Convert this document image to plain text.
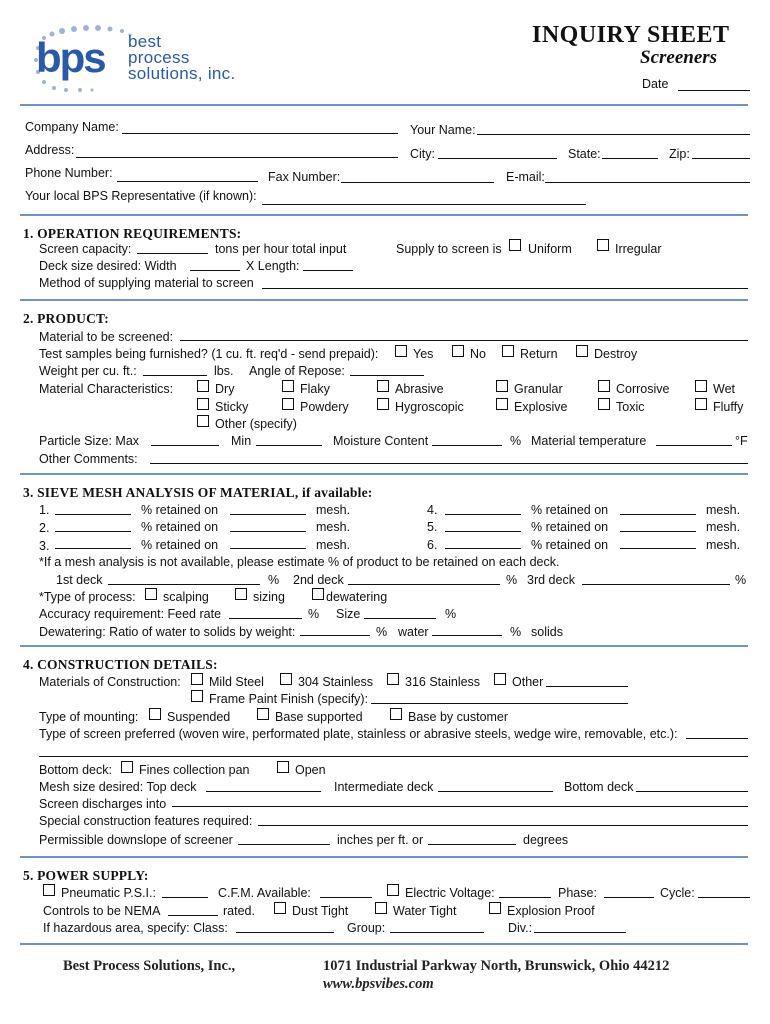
bps best
process
solutions, inc.
INQUIRY SHEET
Screeners
Date
Company Name:	Your Name:
Address:	City:	State:	Zip:
Phone Number:	Fax Number:	E-mail:
Your local BPS Representative (if known):
1. OPERATION REQUIREMENTS:
Screen capacity:	tons per hour total input	Supply to screen is Uniform	Irregular
Deck size desired: Width	X Length:
Method of supplying material to screen
2. PRODUCT:
Material to be screened:
Test samples being furnished? (1 cu. ft. req'd - send prepaid):	Yes	No	Return	Destroy
Weight per cu. ft.:	lbs. Angle of Repose:
Material Characteristics:	Dry	Flaky	Abrasive	Granular	Corrosive	Wet
Sticky	Powdery	Hygroscopic	Explosive	Toxic	Fluffy
Other (specify)
Particle Size: Max	Min	Moisture Content	% Material temperature	°F
Other Comments:
3. SIEVE MESH ANALYSIS OF MATERIAL, if available:
1.	% retained on	mesh.	4.	% retained on	mesh.
2.	% retained on	mesh.	5.	% retained on	mesh.
3.	% retained on	mesh.	6.	% retained on	mesh.
*If a mesh analysis is not available, please estimate % of product to be retained on each deck.
1st deck	% 2nd deck	% 3rd deck	%
*Type of process: scalping	sizing	dewatering
Accuracy requirement: Feed rate	% Size	%
Dewatering: Ratio of water to solids by weight:	% water	% solids
4. CONSTRUCTION DETAILS:
Materials of Construction: Mild Steel	304 Stainless	316 Stainless	Other
Frame Paint Finish (specify):
Type of mounting: Suspended	Base supported	Base by customer
Type of screen preferred (woven wire, performated plate, stainless or abrasive steels, wedge wire, removable, etc.):
Bottom deck: Fines collection pan	Open
Mesh size desired: Top deck	Intermediate deck	Bottom deck
Screen discharges into
Special construction features required:
Permissible downslope of screener	inches per ft. or	degrees
5. POWER SUPPLY:
Pneumatic P.S.I.:	C.F.M. Available:	Electric Voltage:	Phase:	Cycle:
Controls to be NEMA	rated.	Dust Tight	Water Tight	Explosion Proof
If hazardous area, specify: Class:	Group:	Div.:
Best Process Solutions, Inc.,	1071 Industrial Parkway North, Brunswick, Ohio 44212
www.bpsvibes.com
